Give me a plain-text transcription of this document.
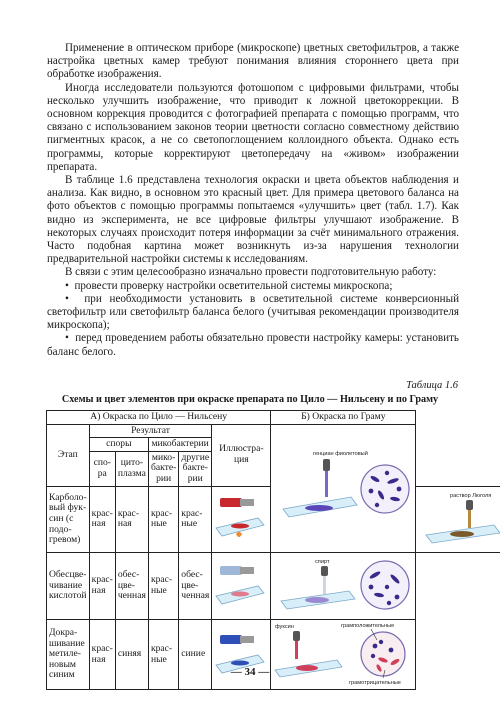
Применение в оптическом приборе (микроскопе) цветных светофильтров, а также настройка цветных камер требуют понимания влияния стороннего цвета при обработке изображения.

Иногда исследователи пользуются фотошопом с цифровыми фильтрами, чтобы несколько улучшить изображение, что приводит к ложной цветокоррекции. В основном коррекция проводится с фотографией препарата с помощью программ, что связано с использованием законов теории цветности согласно совместному действию пигментных красок, а не со светопоглощением коллоидного объекта. Однако есть программы, которые корректируют цветопередачу на «живом» изображении препарата.

В таблице 1.6 представлена технология окраски и цвета объектов наблюдения и анализа. Как видно, в основном это красный цвет. Для примера цветового баланса на фото объектов с помощью программы попытаемся «улучшить» цвет (табл. 1.7). Как видно из эксперимента, не все цифровые фильтры улучшают изображение. В некоторых случаях происходит потеря информации за счёт минимального отражения. Часто подобная картина может возникнуть из-за нарушения технологии предварительной настройки системы к исследованиям.

В связи с этим целесообразно изначально провести подготовительную работу:

•  провести проверку настройки осветительной системы микроскопа;

•  при необходимости установить в осветительной системе конверсионный светофильтр или светофильтр баланса белого (учитывая рекомендации производителя микроскопа);

•  перед проведением работы обязательно провести настройку камеры: установить баланс белого.

Таблица 1.6
Схемы и цвет элементов при окраске препарата по Цило — Нильсену и по Граму
А) Окраска по Цило — Нильсену						Б) Окраска по Граму	
Этап	Результат				Иллюстра-ция	генциан фиолетовый	

	споры		микобактерии				
	спо-ра	цито-плазма	мико-бакте-рии	другие бакте-рии			
Карболо-вый фук-син (с подо-гревом)	крас-ная	крас-ная	крас-ные	крас-ные			раствор Люголя

Обесцве-чивание кислотой	крас-ная	обес-цве-ченная	крас-ные	обес-цве-ченная		спирт	

Докра-шивание метиле-новым синим	крас-ная	синяя	крас-ные	синие		фуксин грамположительные
грамотрицательные	
— 34 —
